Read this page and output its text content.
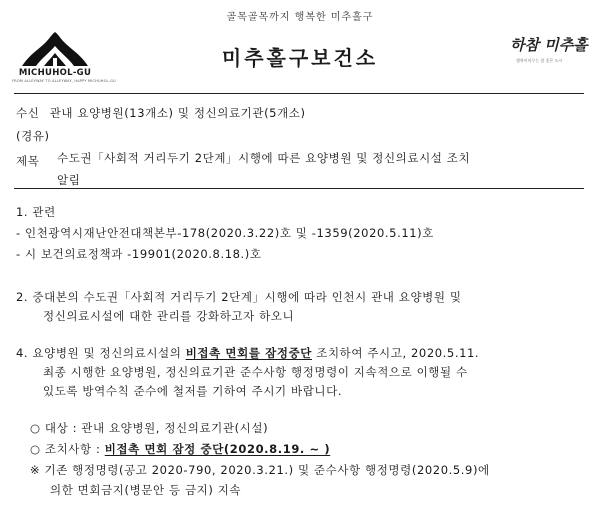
골목골목까지 행복한 미추홀구
MICHUHOL-GU
FROM ALLEYWAY TO ALLEYWAY, HAPPY MICHUHOL-GU
미추홀구보건소
하참 미추홀
행복이머무는 참 좋은 도시
수신 관내 요양병원(13개소) 및 정신의료기관(5개소)
(경유)
제목 수도권「사회적 거리두기 2단계」시행에 따른 요양병원 및 정신의료시설 조치
알림
1. 관련
- 인천광역시재난안전대책본부-178(2020.3.22)호 및 -1359(2020.5.11)호
- 시 보건의료정책과 -19901(2020.8.18.)호
2. 중대본의 수도권「사회적 거리두기 2단계」시행에 따라 인천시 관내 요양병원 및
정신의료시설에 대한 관리를 강화하고자 하오니
4. 요양병원 및 정신의료시설의 비접촉 면회를 잠정중단 조치하여 주시고, 2020.5.11.
최종 시행한 요양병원, 정신의료기관 준수사항 행정명령이 지속적으로 이행될 수
있도록 방역수칙 준수에 철저를 기하여 주시기 바랍니다.
○ 대상 : 관내 요양병원, 정신의료기관(시설)
○ 조치사항 : 비접촉 면회 잠정 중단(2020.8.19. ~ )
※ 기존 행정명령(공고 2020-790, 2020.3.21.) 및 준수사항 행정명령(2020.5.9)에
의한 면회금지(병문안 등 금지) 지속
